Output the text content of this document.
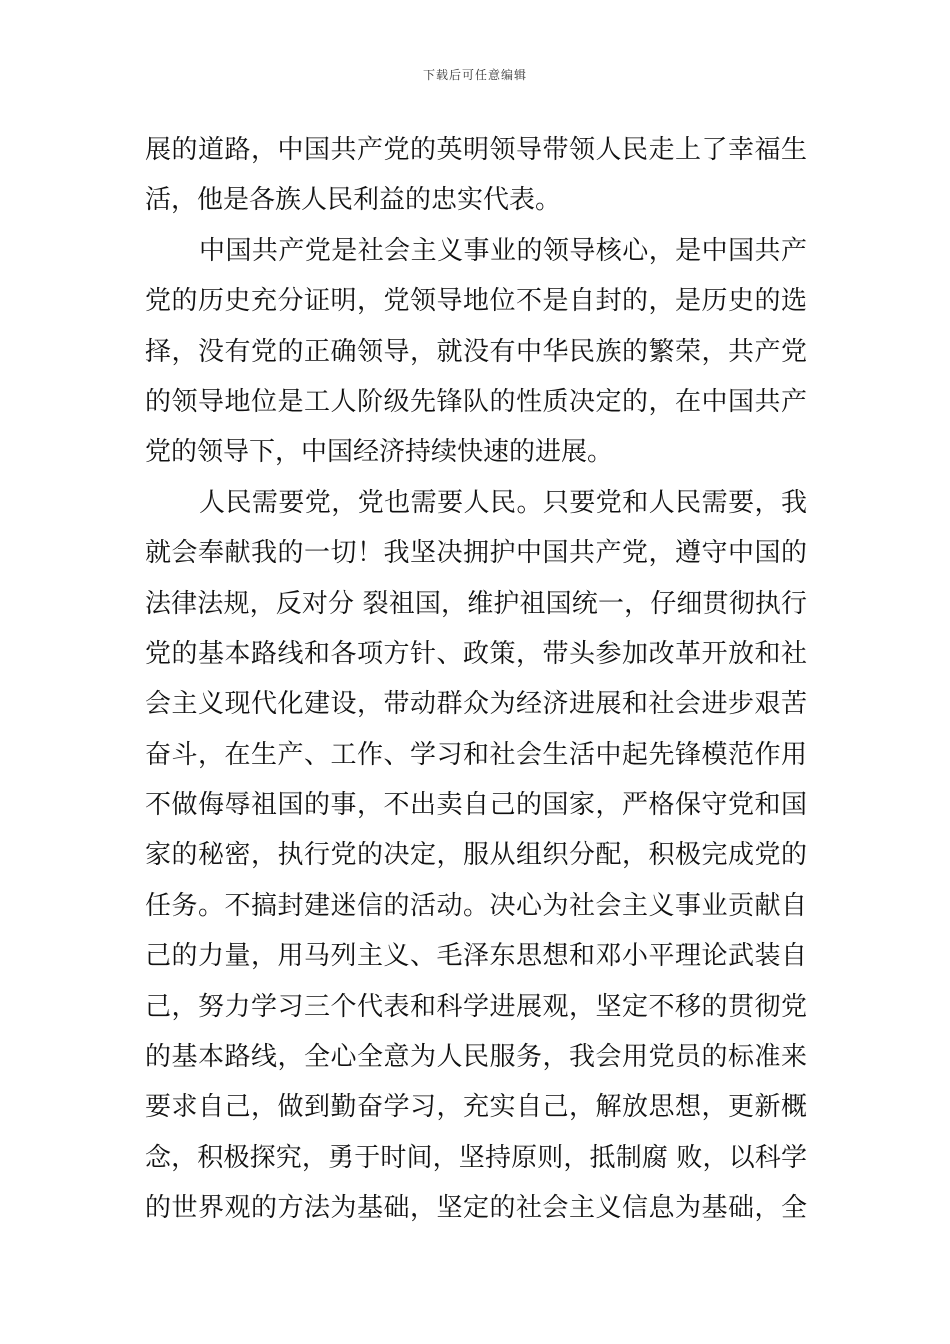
下载后可任意编辑
展的道路，中国共产党的英明领导带领人民走上了幸福生
活，他是各族人民利益的忠实代表。
中国共产党是社会主义事业的领导核心，是中国共产
党的历史充分证明，党领导地位不是自封的，是历史的选
择，没有党的正确领导，就没有中华民族的繁荣，共产党
的领导地位是工人阶级先锋队的性质决定的，在中国共产
党的领导下，中国经济持续快速的进展。
人民需要党，党也需要人民。只要党和人民需要，我
就会奉献我的一切！我坚决拥护中国共产党，遵守中国的
法律法规，反对分 裂祖国，维护祖国统一，仔细贯彻执行
党的基本路线和各项方针、政策，带头参加改革开放和社
会主义现代化建设，带动群众为经济进展和社会进步艰苦
奋斗，在生产、工作、学习和社会生活中起先锋模范作用
不做侮辱祖国的事，不出卖自己的国家，严格保守党和国
家的秘密，执行党的决定，服从组织分配，积极完成党的
任务。不搞封建迷信的活动。决心为社会主义事业贡献自
己的力量，用马列主义、毛泽东思想和邓小平理论武装自
己，努力学习三个代表和科学进展观，坚定不移的贯彻党
的基本路线，全心全意为人民服务，我会用党员的标准来
要求自己，做到勤奋学习，充实自己，解放思想，更新概
念，积极探究，勇于时间，坚持原则，抵制腐 败，以科学
的世界观的方法为基础，坚定的社会主义信息为基础，全
